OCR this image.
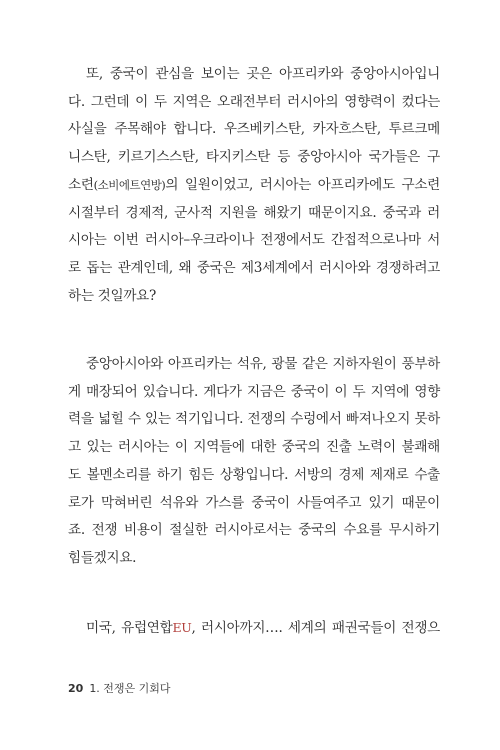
또, 중국이 관심을 보이는 곳은 아프리카와 중앙아시아입니
다. 그런데 이 두 지역은 오래전부터 러시아의 영향력이 컸다는
사실을 주목해야 합니다. 우즈베키스탄, 카자흐스탄, 투르크메
니스탄, 키르기스스탄, 타지키스탄 등 중앙아시아 국가들은 구
소련(소비에트연방)의 일원이었고, 러시아는 아프리카에도 구소련
시절부터 경제적, 군사적 지원을 해왔기 때문이지요. 중국과 러
시아는 이번 러시아–우크라이나 전쟁에서도 간접적으로나마 서
로 돕는 관계인데, 왜 중국은 제3세계에서 러시아와 경쟁하려고
하는 것일까요?
중앙아시아와 아프리카는 석유, 광물 같은 지하자원이 풍부하
게 매장되어 있습니다. 게다가 지금은 중국이 이 두 지역에 영향
력을 넓힐 수 있는 적기입니다. 전쟁의 수렁에서 빠져나오지 못하
고 있는 러시아는 이 지역들에 대한 중국의 진출 노력이 불쾌해
도 볼멘소리를 하기 힘든 상황입니다. 서방의 경제 제재로 수출
로가 막혀버린 석유와 가스를 중국이 사들여주고 있기 때문이
죠. 전쟁 비용이 절실한 러시아로서는 중국의 수요를 무시하기
힘들겠지요.
미국, 유럽연합EU, 러시아까지…. 세계의 패권국들이 전쟁으
20 1. 전쟁은 기회다
